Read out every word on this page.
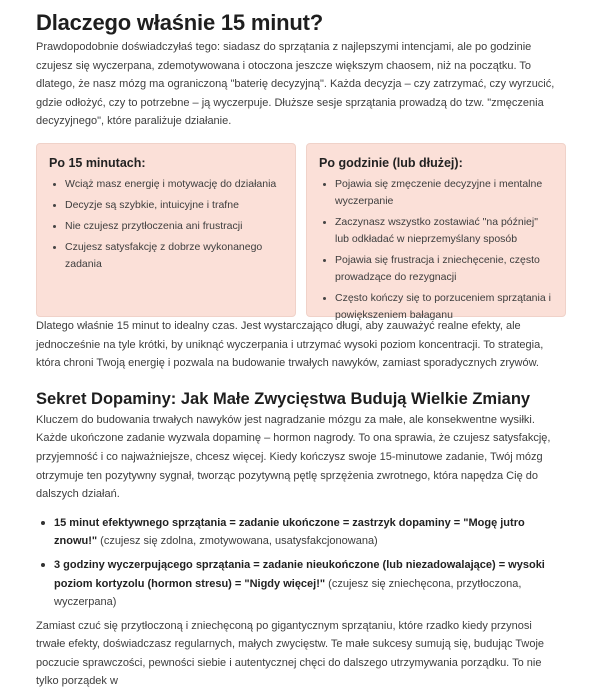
Dlaczego właśnie 15 minut?

Prawdopodobnie doświadczyłaś tego: siadasz do sprzątania z najlepszymi intencjami, ale po godzinie czujesz się wyczerpana, zdemotywowana i otoczona jeszcze większym chaosem, niż na początku. To dlatego, że nasz mózg ma ograniczoną "baterię decyzyjną". Każda decyzja – czy zatrzymać, czy wyrzucić, gdzie odłożyć, czy to potrzebne – ją wyczerpuje. Dłuższe sesje sprzątania prowadzą do tzw. "zmęczenia decyzyjnego", które paraliżuje działanie.

Po 15 minutach:
Wciąż masz energię i motywację do działania
Decyzje są szybkie, intuicyjne i trafne
Nie czujesz przytłoczenia ani frustracji
Czujesz satysfakcję z dobrze wykonanego zadania
Po godzinie (lub dłużej):
Pojawia się zmęczenie decyzyjne i mentalne wyczerpanie
Zaczynasz wszystko zostawiać "na później" lub odkładać w nieprzemyślany sposób
Pojawia się frustracja i zniechęcenie, często prowadzące do rezygnacji
Często kończy się to porzuceniem sprzątania i powiększeniem bałaganu

Dlatego właśnie 15 minut to idealny czas. Jest wystarczająco długi, aby zauważyć realne efekty, ale jednocześnie na tyle krótki, by uniknąć wyczerpania i utrzymać wysoki poziom koncentracji. To strategia, która chroni Twoją energię i pozwala na budowanie trwałych nawyków, zamiast sporadycznych zrywów.

Sekret Dopaminy: Jak Małe Zwycięstwa Budują Wielkie Zmiany

Kluczem do budowania trwałych nawyków jest nagradzanie mózgu za małe, ale konsekwentne wysiłki. Każde ukończone zadanie wyzwala dopaminę – hormon nagrody. To ona sprawia, że czujesz satysfakcję, przyjemność i co najważniejsze, chcesz więcej. Kiedy kończysz swoje 15-minutowe zadanie, Twój mózg otrzymuje ten pozytywny sygnał, tworząc pozytywną pętlę sprzężenia zwrotnego, która napędza Cię do dalszych działań.

15 minut efektywnego sprzątania = zadanie ukończone = zastrzyk dopaminy = "Mogę jutro znowu!" (czujesz się zdolna, zmotywowana, usatysfakcjonowana)
3 godziny wyczerpującego sprzątania = zadanie nieukończone (lub niezadowalające) = wysoki poziom kortyzolu (hormon stresu) = "Nigdy więcej!" (czujesz się zniechęcona, przytłoczona, wyczerpana)

Zamiast czuć się przytłoczoną i zniechęconą po gigantycznym sprzątaniu, które rzadko kiedy przynosi trwałe efekty, doświadczasz regularnych, małych zwycięstw. Te małe sukcesy sumują się, budując Twoje poczucie sprawczości, pewności siebie i autentycznej chęci do dalszego utrzymywania porządku. To nie tylko porządek w
